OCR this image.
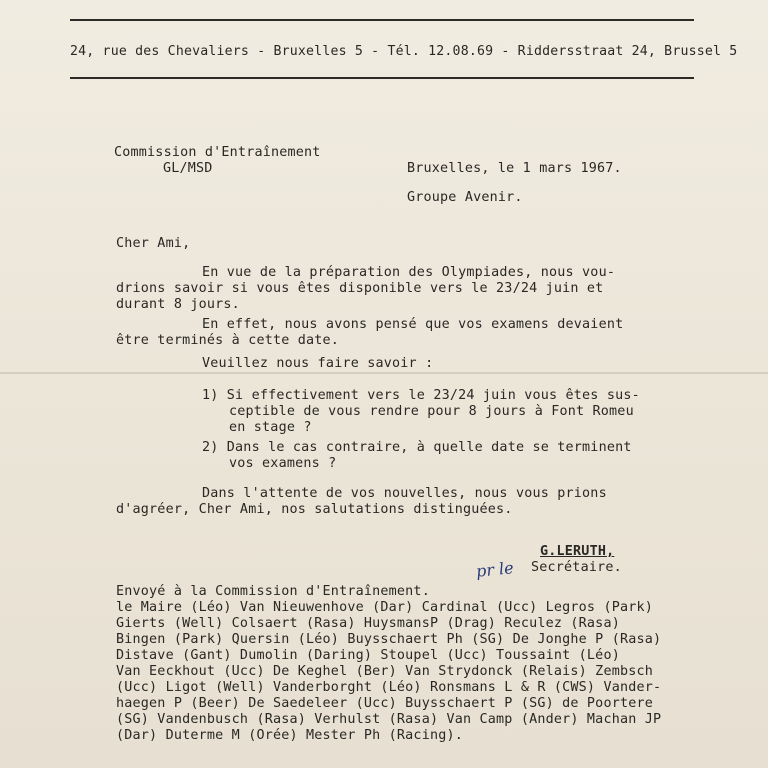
24, rue des Chevaliers - Bruxelles 5 - Tél. 12.08.69 - Riddersstraat 24, Brussel 5
Commission d'Entraînement
GL/MSD	Bruxelles, le 1 mars 1967.
Groupe Avenir.
Cher Ami,
En vue de la préparation des Olympiades, nous vou-
drions savoir si vous êtes disponible vers le 23/24 juin et
durant 8 jours.
En effet, nous avons pensé que vos examens devaient
être terminés à cette date.
Veuillez nous faire savoir :
1) Si effectivement vers le 23/24 juin vous êtes sus-
ceptible de vous rendre pour 8 jours à Font Romeu
en stage ?
2) Dans le cas contraire, à quelle date se terminent
vos examens ?
Dans l'attente de vos nouvelles, nous vous prions
d'agréer, Cher Ami, nos salutations distinguées.
pr le
G.LERUTH,
Secrétaire.
Envoyé à la Commission d'Entraînement.
le Maire (Léo) Van Nieuwenhove (Dar) Cardinal (Ucc) Legros (Park)
Gierts (Well) Colsaert (Rasa) HuysmansP (Drag) Reculez (Rasa)
Bingen (Park) Quersin (Léo) Buysschaert Ph (SG) De Jonghe P (Rasa)
Distave (Gant) Dumolin (Daring) Stoupel (Ucc) Toussaint (Léo)
Van Eeckhout (Ucc) De Keghel (Ber) Van Strydonck (Relais) Zembsch
(Ucc) Ligot (Well) Vanderborght (Léo) Ronsmans L & R (CWS) Vander-
haegen P (Beer) De Saedeleer (Ucc) Buysschaert P (SG) de Poortere
(SG) Vandenbusch (Rasa) Verhulst (Rasa) Van Camp (Ander) Machan JP
(Dar) Duterme M (Orée) Mester Ph (Racing).
